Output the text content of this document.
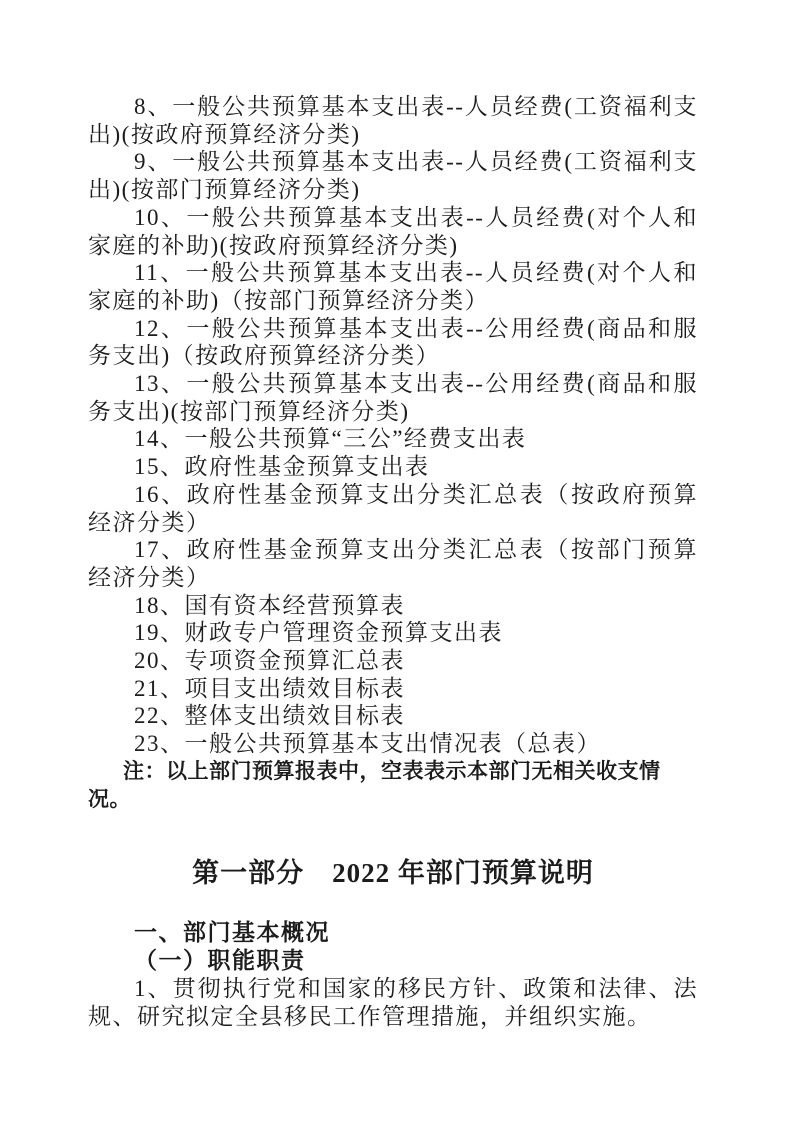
8、一般公共预算基本支出表--人员经费(工资福利支出)(按政府预算经济分类)

9、一般公共预算基本支出表--人员经费(工资福利支出)(按部门预算经济分类)

10、一般公共预算基本支出表--人员经费(对个人和家庭的补助)(按政府预算经济分类)

11、一般公共预算基本支出表--人员经费(对个人和家庭的补助)（按部门预算经济分类）

12、一般公共预算基本支出表--公用经费(商品和服务支出)（按政府预算经济分类）

13、一般公共预算基本支出表--公用经费(商品和服务支出)(按部门预算经济分类)

14、一般公共预算“三公”经费支出表

15、政府性基金预算支出表

16、政府性基金预算支出分类汇总表（按政府预算经济分类）

17、政府性基金预算支出分类汇总表（按部门预算经济分类）

18、国有资本经营预算表

19、财政专户管理资金预算支出表

20、专项资金预算汇总表

21、项目支出绩效目标表

22、整体支出绩效目标表

23、一般公共预算基本支出情况表（总表）

注：以上部门预算报表中，空表表示本部门无相关收支情况。

第一部分　2022 年部门预算说明

一、部门基本概况

（一）职能职责

1、贯彻执行党和国家的移民方针、政策和法律、法规、研究拟定全县移民工作管理措施，并组织实施。
